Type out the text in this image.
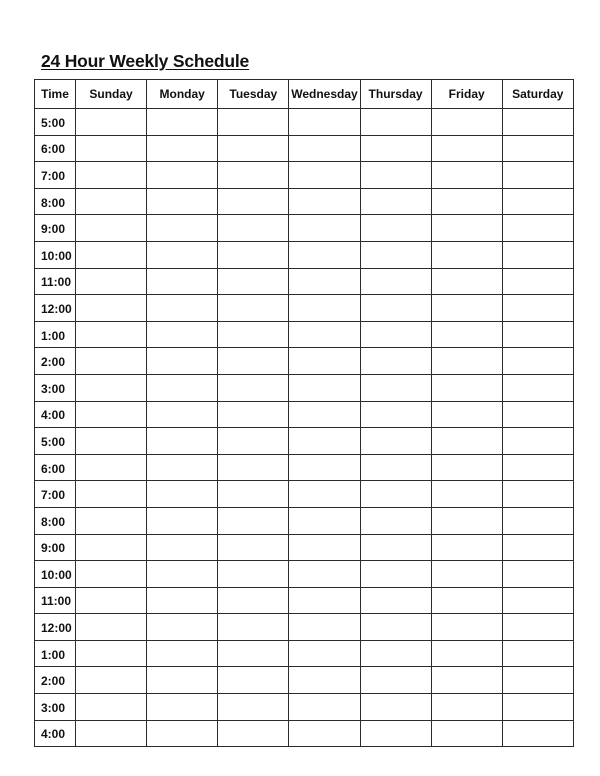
24 Hour Weekly Schedule
Time	Sunday	Monday	Tuesday	Wednesday	Thursday	Friday	Saturday
5:00							
6:00							
7:00							
8:00							
9:00							
10:00							
11:00							
12:00							
1:00							
2:00							
3:00							
4:00							
5:00							
6:00							
7:00							
8:00							
9:00							
10:00							
11:00							
12:00							
1:00							
2:00							
3:00							
4:00							
